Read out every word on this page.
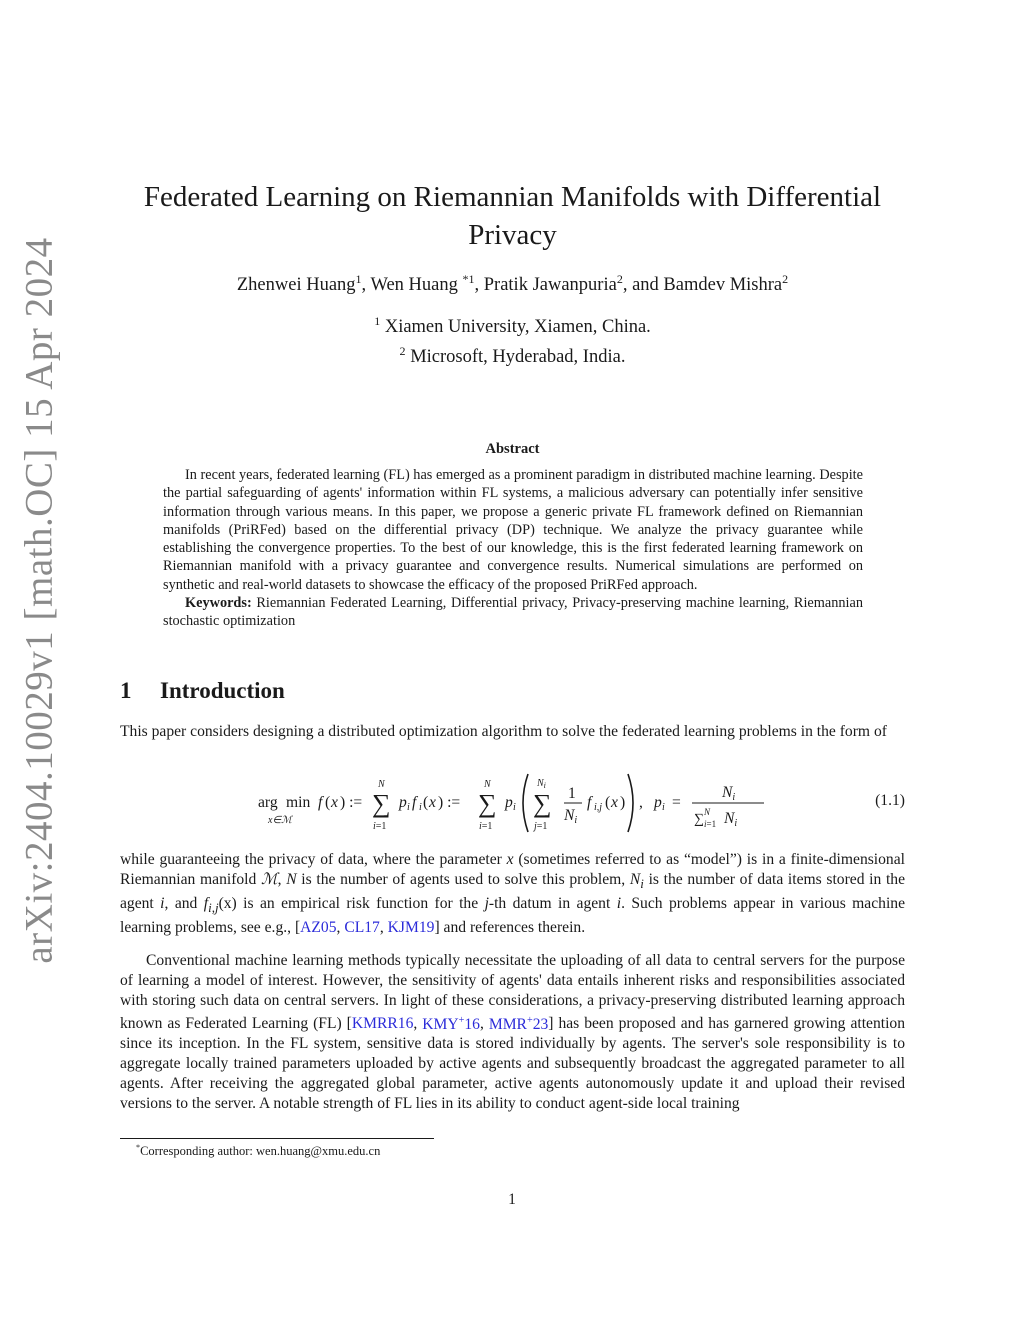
arXiv:2404.10029v1 [math.OC] 15 Apr 2024
Federated Learning on Riemannian Manifolds with Differential
Privacy
Zhenwei Huang$^1$, Wen Huang $^{*1}$, Pratik Jawanpuria$^2$, and Bamdev Mishra$^2$
$^1$ Xiamen University, Xiamen, China.
$^2$ Microsoft, Hyderabad, India.
Abstract

In recent years, federated learning (FL) has emerged as a prominent paradigm in distributed machine learning. Despite the partial safeguarding of agents' information within FL systems, a malicious adversary can potentially infer sensitive information through various means. In this paper, we propose a generic private FL framework defined on Riemannian manifolds (PriRFed) based on the differential privacy (DP) technique. We analyze the privacy guarantee while establishing the convergence properties. To the best of our knowledge, this is the first federated learning framework on Riemannian manifold with a privacy guarantee and convergence results. Numerical simulations are performed on synthetic and real-world datasets to showcase the efficacy of the proposed PriRFed approach.

Keywords: Riemannian Federated Learning, Differential privacy, Privacy-preserving machine learning, Riemannian stochastic optimization

1 Introduction

This paper considers designing a distributed optimization algorithm to solve the federated learning problems in the form of

arg min
x∈ℳ
f ( x ) := ∑
N
i=1
p i f i ( x ) := ∑
N
i=1
p i ∑
$N_i$
j=1
1
Ni
f i,j ( x ) , p i =
Ni
∑ N
i=1 Ni
(1.1)

while guaranteeing the privacy of data, where the parameter x (sometimes referred to as “model”) is in a finite-dimensional Riemannian manifold ℳ, N is the number of agents used to solve this problem, $N_i$ is the number of data items stored in the agent i, and $f_{i,j}(x)$ is an empirical risk function for the j-th datum in agent i. Such problems appear in various machine learning problems, see e.g., [AZ05, CL17, KJM19] and references therein.

Conventional machine learning methods typically necessitate the uploading of all data to central servers for the purpose of learning a model of interest. However, the sensitivity of agents' data entails inherent risks and responsibilities associated with storing such data on central servers. In light of these considerations, a privacy-preserving distributed learning approach known as Federated Learning (FL) [KMRR16, KMY+16, MMR+23] has been proposed and has garnered growing attention since its inception. In the FL system, sensitive data is stored individually by agents. The server's sole responsibility is to aggregate locally trained parameters uploaded by active agents and subsequently broadcast the aggregated parameter to all agents. After receiving the aggregated global parameter, active agents autonomously update it and upload their revised versions to the server. A notable strength of FL lies in its ability to conduct agent-side local training

*Corresponding author: wen.huang@xmu.edu.cn
1
